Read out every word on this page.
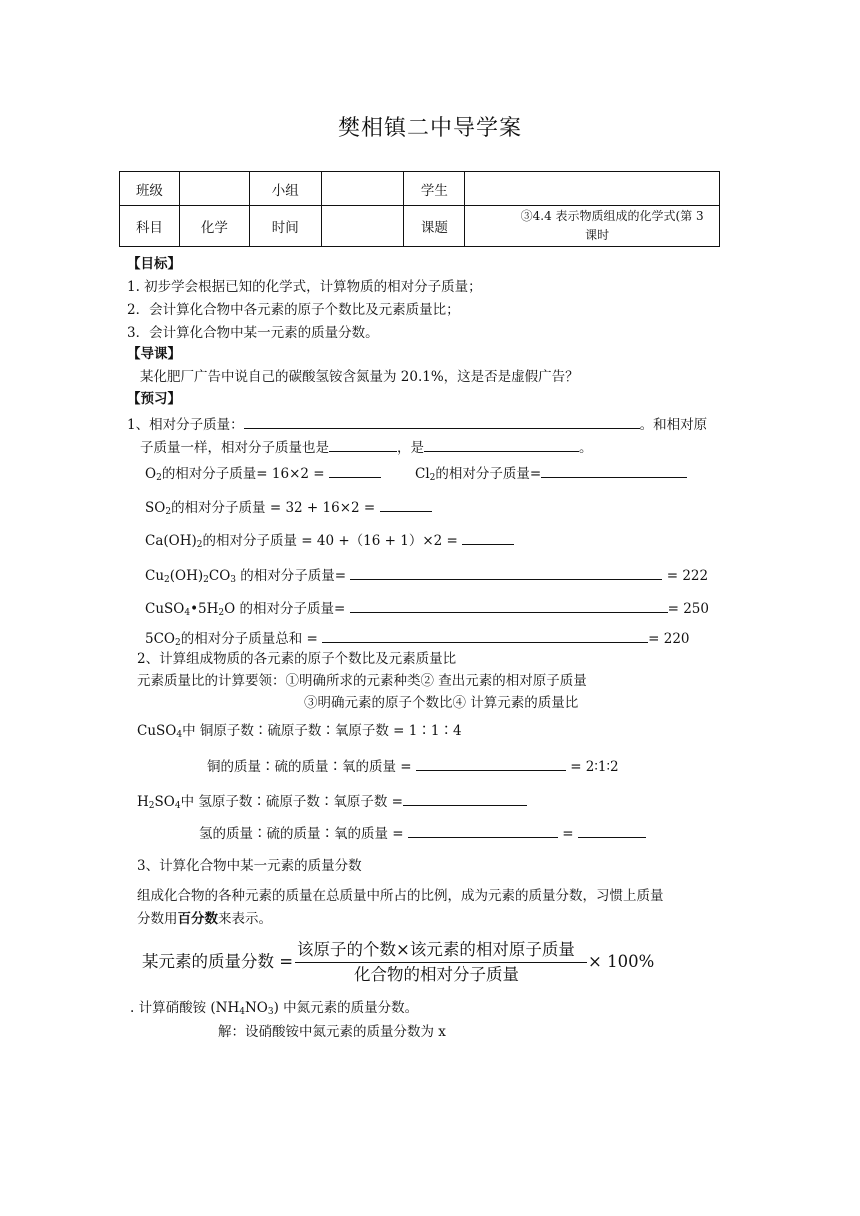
樊相镇二中导学案
班级		小组		学生	
科目	化学	时间		课题	③4.4 表示物质组成的化学式(第 3
课时
【目标】
1. 初步学会根据已知的化学式，计算物质的相对分子质量；
2．会计算化合物中各元素的原子个数比及元素质量比；
3．会计算化合物中某一元素的质量分数。
【导课】
某化肥厂广告中说自己的碳酸氢铵含氮量为 20.1%，这是否是虚假广告？
【预习】
1、相对分子质量：	。和相对原
子质量一样，相对分子质量也是	，是	。
$O_2$的相对分子质量= 16×2 =	$Cl_2$的相对分子质量=
$SO_2$的相对分子质量 = 32 + 16×2 =
$Ca(OH)_2$的相对分子质量 = 40 +（16 + 1）×2 =
$Cu_2(OH)_2CO_3$ 的相对分子质量=	= 222
$CuSO_4•5H_2O$ 的相对分子质量=	= 250
$5CO_2$的相对分子质量总和 =	= 220
2、计算组成物质的各元素的原子个数比及元素质量比
元素质量比的计算要领：①明确所求的元素种类② 查出元素的相对原子质量
③明确元素的原子个数比④ 计算元素的质量比
CuSO$_4$中 铜原子数∶硫原子数∶氧原子数 = 1∶1∶4
铜的质量∶硫的质量∶氧的质量 =	= 2∶1∶2
$H_2SO_4$中 氢原子数∶硫原子数∶氧原子数 =
氢的质量∶硫的质量∶氧的质量 =	=
3、计算化合物中某一元素的质量分数
组成化合物的各种元素的质量在总质量中所占的比例，成为元素的质量分数，习惯上质量
分数用百分数来表示。
某元素的质量分数 =
该原子的个数×该元素的相对原子质量
化合物的相对分子质量
× 100%
. 计算硝酸铵 $(NH_4NO_3)$ 中氮元素的质量分数。
解：设硝酸铵中氮元素的质量分数为 x
